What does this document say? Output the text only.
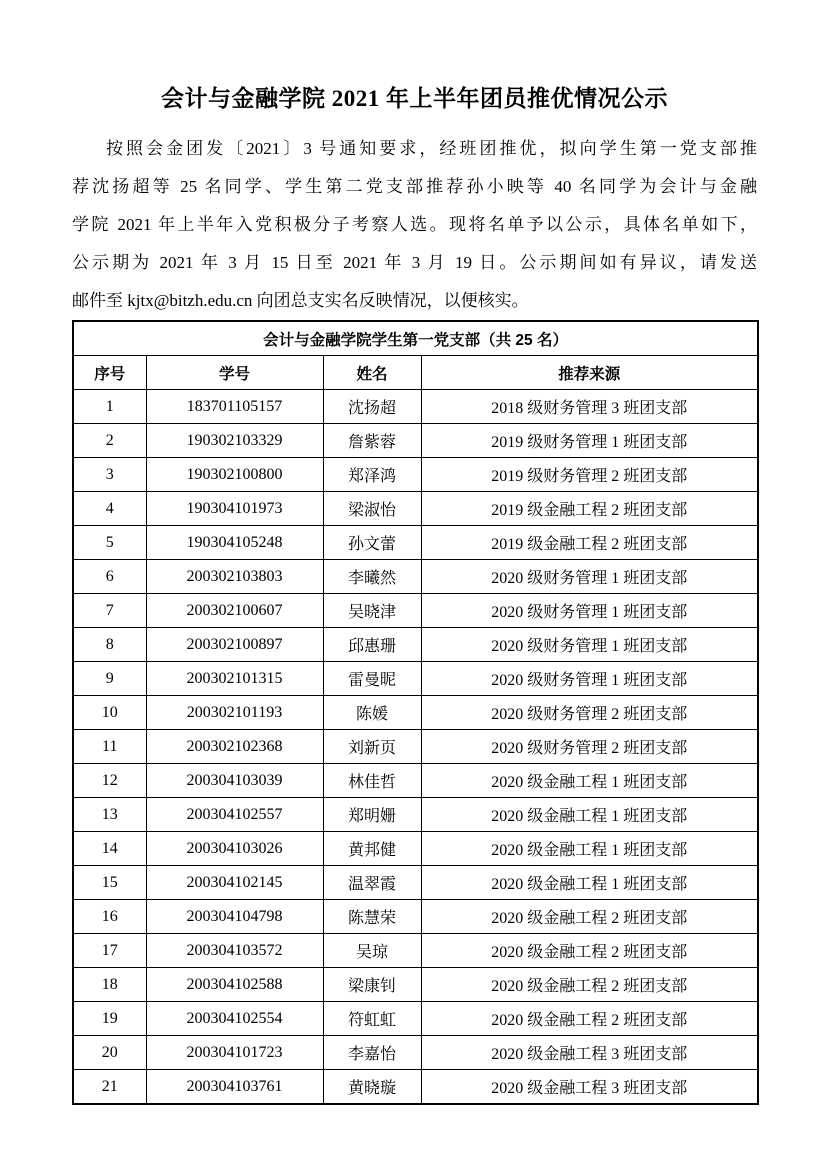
会计与金融学院 2021 年上半年团员推优情况公示
按照会金团发〔2021〕3 号通知要求，经班团推优，拟向学生第一党支部推
荐沈扬超等 25 名同学、学生第二党支部推荐孙小映等 40 名同学为会计与金融
学院 2021 年上半年入党积极分子考察人选。现将名单予以公示，具体名单如下，
公示期为 2021 年 3 月 15 日至 2021 年 3 月 19 日。公示期间如有异议，请发送
邮件至 kjtx@bitzh.edu.cn 向团总支实名反映情况，以便核实。
会计与金融学院学生第一党支部（共 25 名）			
序号	学号	姓名	推荐来源
1	183701105157	沈扬超	2018 级财务管理 3 班团支部
2	190302103329	詹紫蓉	2019 级财务管理 1 班团支部
3	190302100800	郑泽鸿	2019 级财务管理 2 班团支部
4	190304101973	梁淑怡	2019 级金融工程 2 班团支部
5	190304105248	孙文蕾	2019 级金融工程 2 班团支部
6	200302103803	李曦然	2020 级财务管理 1 班团支部
7	200302100607	吴晓津	2020 级财务管理 1 班团支部
8	200302100897	邱惠珊	2020 级财务管理 1 班团支部
9	200302101315	雷曼昵	2020 级财务管理 1 班团支部
10	200302101193	陈媛	2020 级财务管理 2 班团支部
11	200302102368	刘新页	2020 级财务管理 2 班团支部
12	200304103039	林佳哲	2020 级金融工程 1 班团支部
13	200304102557	郑明姗	2020 级金融工程 1 班团支部
14	200304103026	黄邦健	2020 级金融工程 1 班团支部
15	200304102145	温翠霞	2020 级金融工程 1 班团支部
16	200304104798	陈慧荣	2020 级金融工程 2 班团支部
17	200304103572	吴琼	2020 级金融工程 2 班团支部
18	200304102588	梁康钊	2020 级金融工程 2 班团支部
19	200304102554	符虹虹	2020 级金融工程 2 班团支部
20	200304101723	李嘉怡	2020 级金融工程 3 班团支部
21	200304103761	黄晓璇	2020 级金融工程 3 班团支部
